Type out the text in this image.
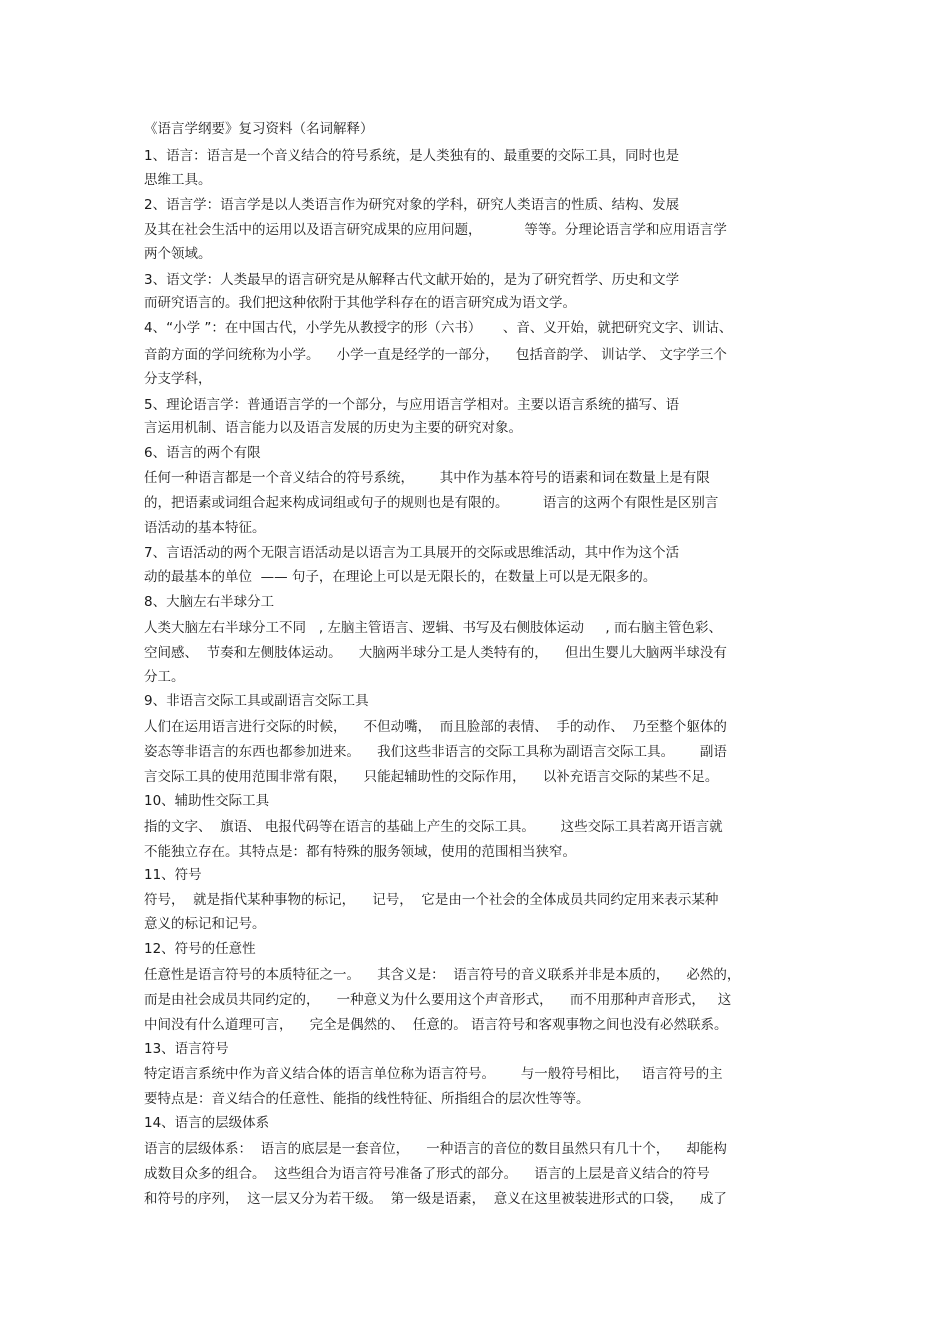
《语言学纲要》复习资料（名词解释）
1、语言：语言是一个音义结合的符号系统，是人类独有的、最重要的交际工具，同时也是
思维工具。
2、语言学：语言学是以人类语言作为研究对象的学科，研究人类语言的性质、结构、发展
及其在社会生活中的运用以及语言研究成果的应用问题，          等等。分理论语言学和应用语言学
两个领域。
3、语文学：人类最早的语言研究是从解释古代文献开始的，是为了研究哲学、历史和文学
而研究语言的。我们把这种依附于其他学科存在的语言研究成为语文学。
4、“小学 ”：在中国古代，小学先从教授字的形（六书）     、音、义开始，就把研究文字、训诂、
音韵方面的学问统称为小学。    小学一直是经学的一部分，    包括音韵学、 训诂学、 文字学三个
分支学科，
5、理论语言学：普通语言学的一个部分，与应用语言学相对。主要以语言系统的描写、语
言运用机制、语言能力以及语言发展的历史为主要的研究对象。
6、语言的两个有限
任何一种语言都是一个音义结合的符号系统，      其中作为基本符号的语素和词在数量上是有限
的，把语素或词组合起来构成词组或句子的规则也是有限的。        语言的这两个有限性是区别言
语活动的基本特征。
7、言语活动的两个无限言语活动是以语言为工具展开的交际或思维活动，其中作为这个活
动的最基本的单位  —— 句子，在理论上可以是无限长的，在数量上可以是无限多的。
8、大脑左右半球分工
人类大脑左右半球分工不同   , 左脑主管语言、逻辑、书写及右侧肢体运动     , 而右脑主管色彩、
空间感、  节奏和左侧肢体运动。    大脑两半球分工是人类特有的，    但出生婴儿大脑两半球没有
分工。
9、非语言交际工具或副语言交际工具
人们在运用语言进行交际的时候，    不但动嘴，  而且脸部的表情、  手的动作、  乃至整个躯体的
姿态等非语言的东西也都参加进来。    我们这些非语言的交际工具称为副语言交际工具。      副语
言交际工具的使用范围非常有限，    只能起辅助性的交际作用，    以补充语言交际的某些不足。
10、辅助性交际工具
指的文字、  旗语、 电报代码等在语言的基础上产生的交际工具。      这些交际工具若离开语言就
不能独立存在。其特点是：都有特殊的服务领域，使用的范围相当狭窄。
11、符号
符号，  就是指代某种事物的标记，    记号，  它是由一个社会的全体成员共同约定用来表示某种
意义的标记和记号。
12、符号的任意性
任意性是语言符号的本质特征之一。    其含义是：  语言符号的音义联系并非是本质的，    必然的，
而是由社会成员共同约定的，    一种意义为什么要用这个声音形式，    而不用那种声音形式，   这
中间没有什么道理可言，    完全是偶然的、  任意的。 语言符号和客观事物之间也没有必然联系。
13、语言符号
特定语言系统中作为音义结合体的语言单位称为语言符号。      与一般符号相比，   语言符号的主
要特点是：音义结合的任意性、能指的线性特征、所指组合的层次性等等。
14、语言的层级体系
语言的层级体系：  语言的底层是一套音位，    一种语言的音位的数目虽然只有几十个，    却能构
成数目众多的组合。  这些组合为语言符号准备了形式的部分。    语言的上层是音义结合的符号
和符号的序列，  这一层又分为若干级。  第一级是语素，  意义在这里被装进形式的口袋，    成了
